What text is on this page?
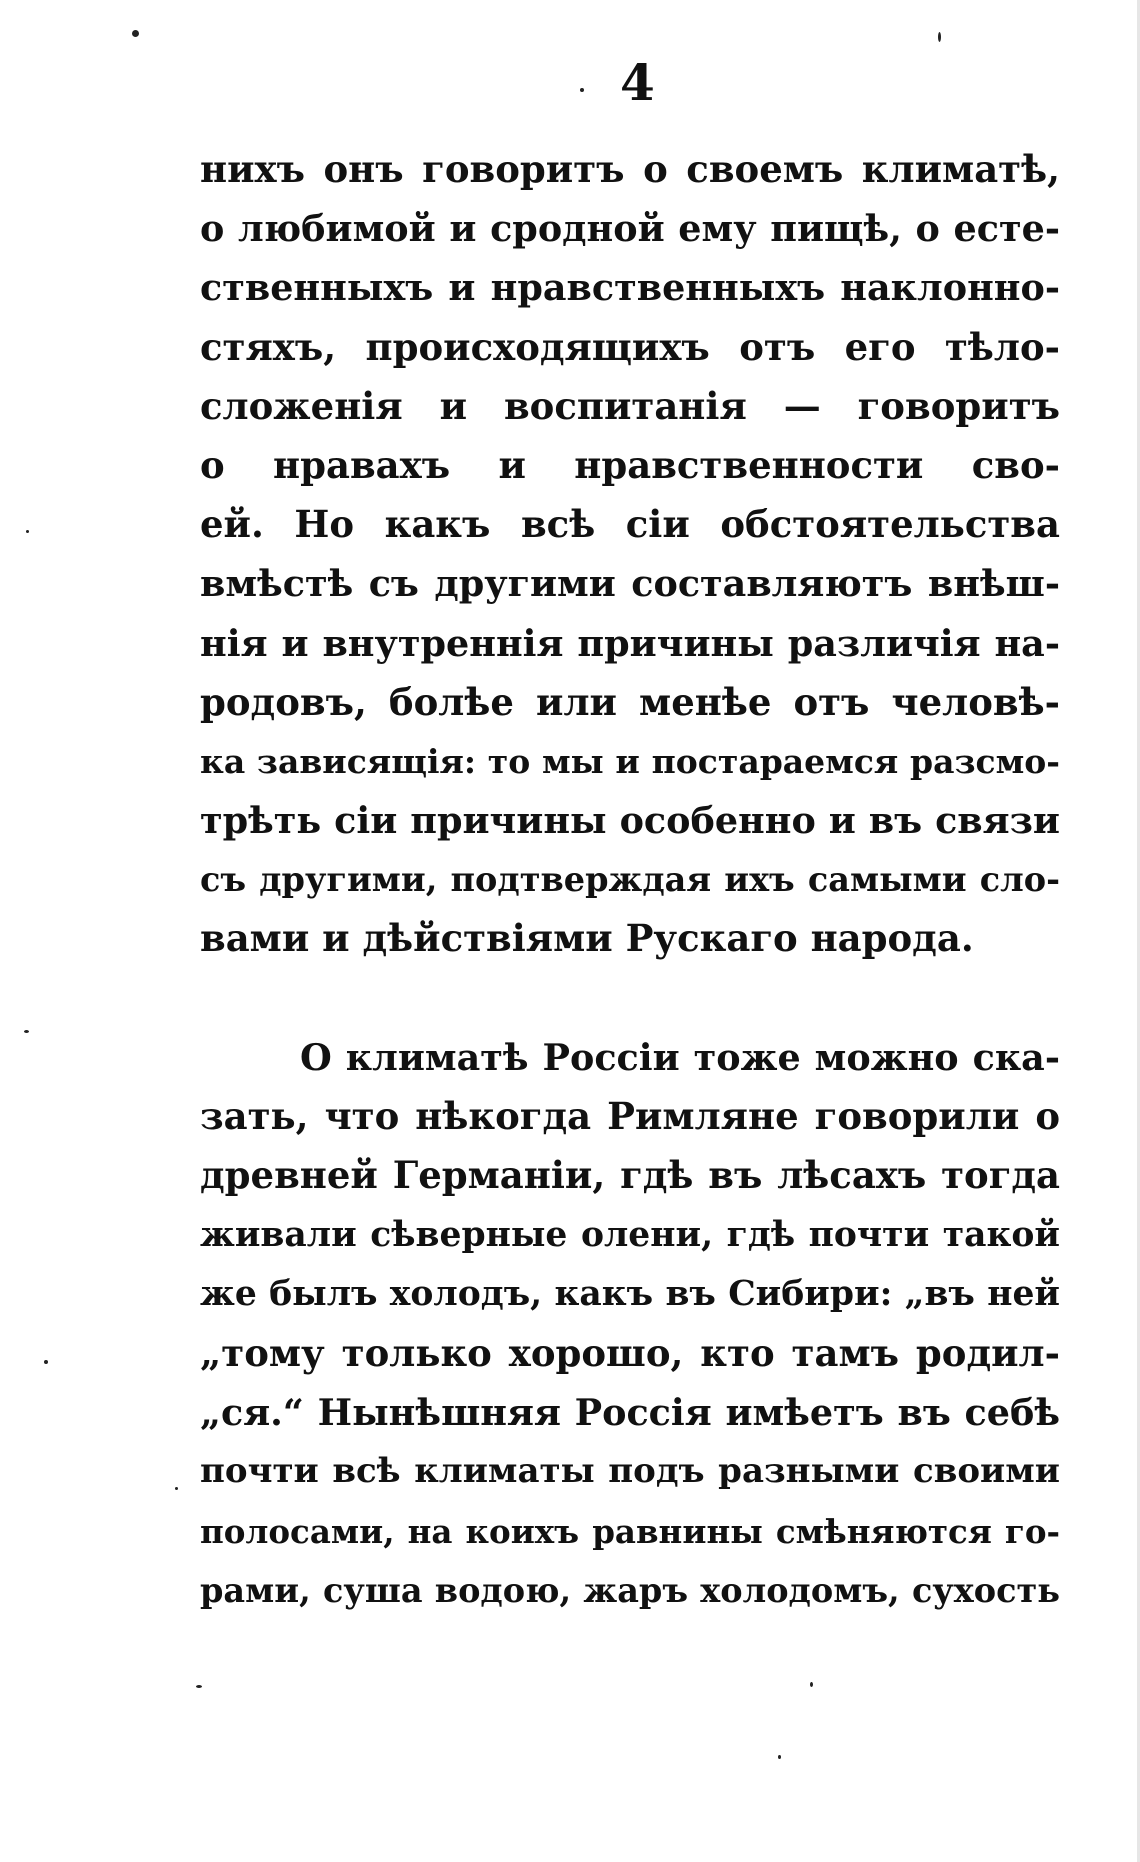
4
нихъ онъ говоритъ о своемъ климатѣ,
о любимой и сродной ему пищѣ, о есте-
ственныхъ и нравственныхъ наклонно-
стяхъ, происходящихъ отъ его тѣло-
сложенія и воспитанія — говоритъ
о нравахъ и нравственности сво-
ей. Но какъ всѣ сіи обстоятельства
вмѣстѣ съ другими составляютъ внѣш-
нія и внутреннія причины различія на-
родовъ, болѣе или менѣе отъ человѣ-
ка зависящія: то мы и постараемся разсмо-
трѣть сіи причины особенно и въ связи
съ другими, подтверждая ихъ самыми сло-
вами и дѣйствіями Рускаго народа.
О климатѣ Россіи тоже можно ска-
зать, что нѣкогда Римляне говорили о
древней Германіи, гдѣ въ лѣсахъ тогда
живали сѣверные олени, гдѣ почти такой
же былъ холодъ, какъ въ Сибири: „въ ней
„тому только хорошо, кто тамъ родил-
„ся.“ Нынѣшняя Россія имѣетъ въ себѣ
почти всѣ климаты подъ разными своими
полосами, на коихъ равнины смѣняются го-
рами, суша водою, жаръ холодомъ, сухость
